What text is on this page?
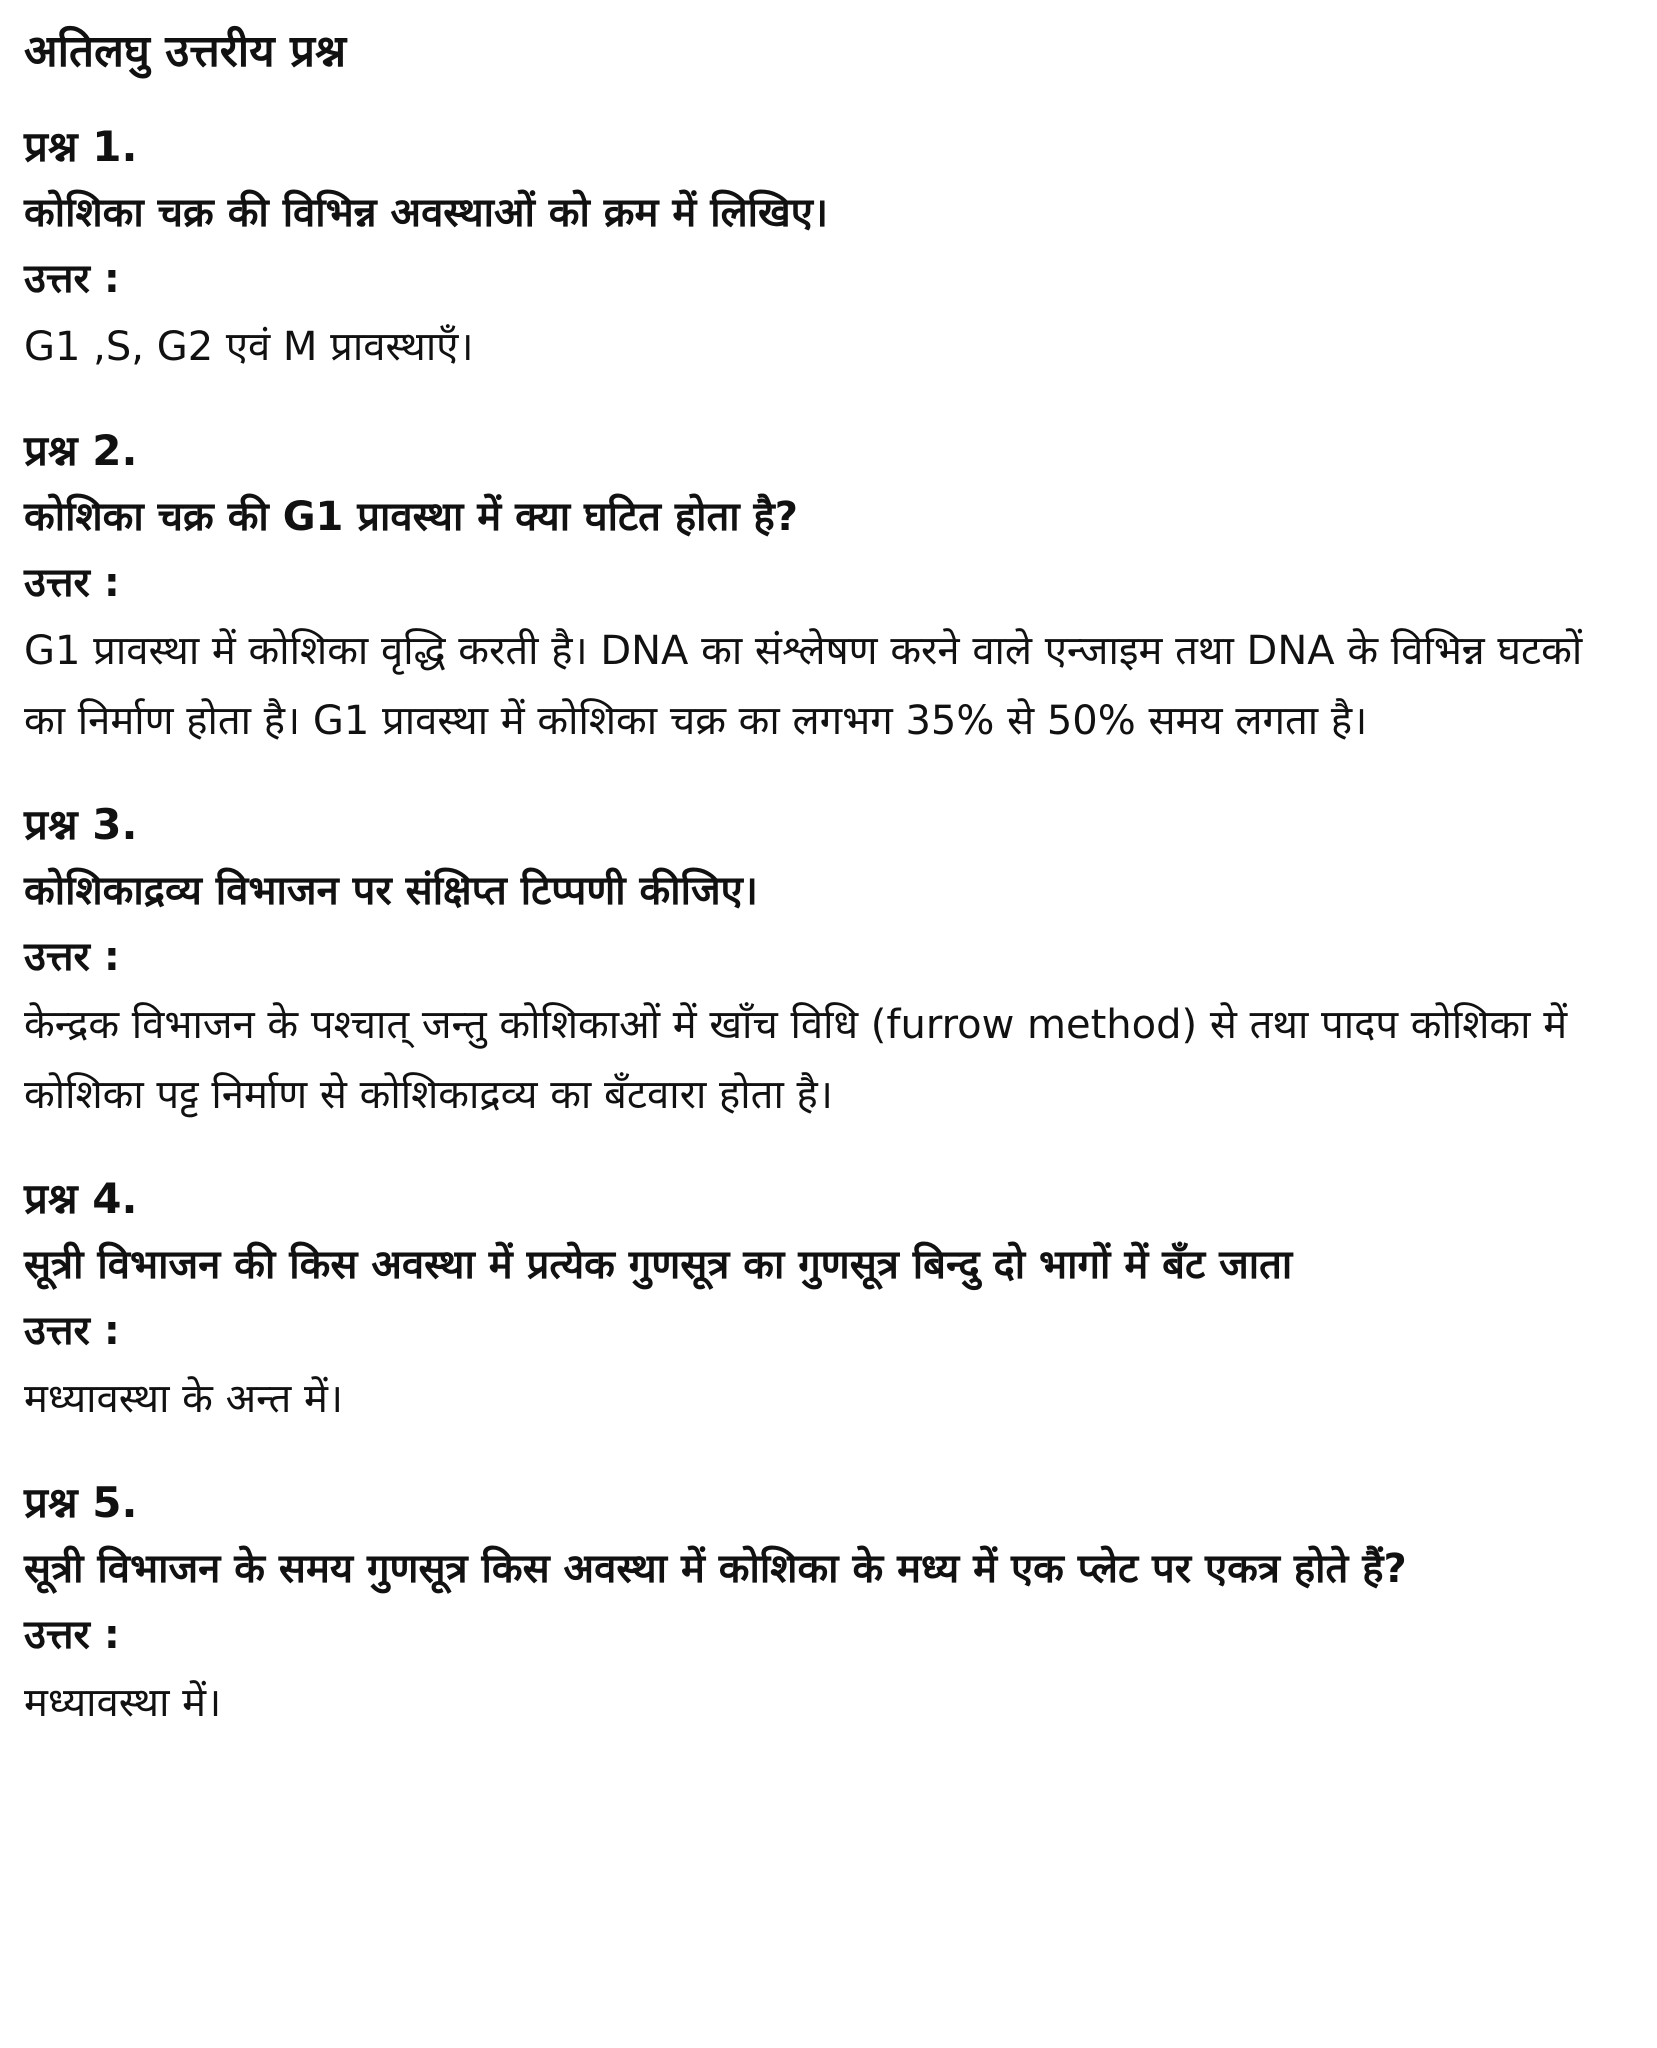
अतिलघु उत्तरीय प्रश्न
प्रश्न 1.
कोशिका चक्र की विभिन्न अवस्थाओं को क्रम में लिखिए।
उत्तर :
G1 ,S, G2 एवं M प्रावस्थाएँ।
प्रश्न 2.
कोशिका चक्र की G1 प्रावस्था में क्या घटित होता है?
उत्तर :
G1 प्रावस्था में कोशिका वृद्धि करती है। DNA का संश्लेषण करने वाले एन्जाइम तथा DNA के विभिन्न घटकों का निर्माण होता है। G1 प्रावस्था में कोशिका चक्र का लगभग 35% से 50% समय लगता है।
प्रश्न 3.
कोशिकाद्रव्य विभाजन पर संक्षिप्त टिप्पणी कीजिए।
उत्तर :
केन्द्रक विभाजन के पश्चात् जन्तु कोशिकाओं में खाँच विधि (furrow method) से तथा पादप कोशिका में कोशिका पट्ट निर्माण से कोशिकाद्रव्य का बँटवारा होता है।
प्रश्न 4.
सूत्री विभाजन की किस अवस्था में प्रत्येक गुणसूत्र का गुणसूत्र बिन्दु दो भागों में बँट जाता
उत्तर :
मध्यावस्था के अन्त में।
प्रश्न 5.
सूत्री विभाजन के समय गुणसूत्र किस अवस्था में कोशिका के मध्य में एक प्लेट पर एकत्र होते हैं?
उत्तर :
मध्यावस्था में।
